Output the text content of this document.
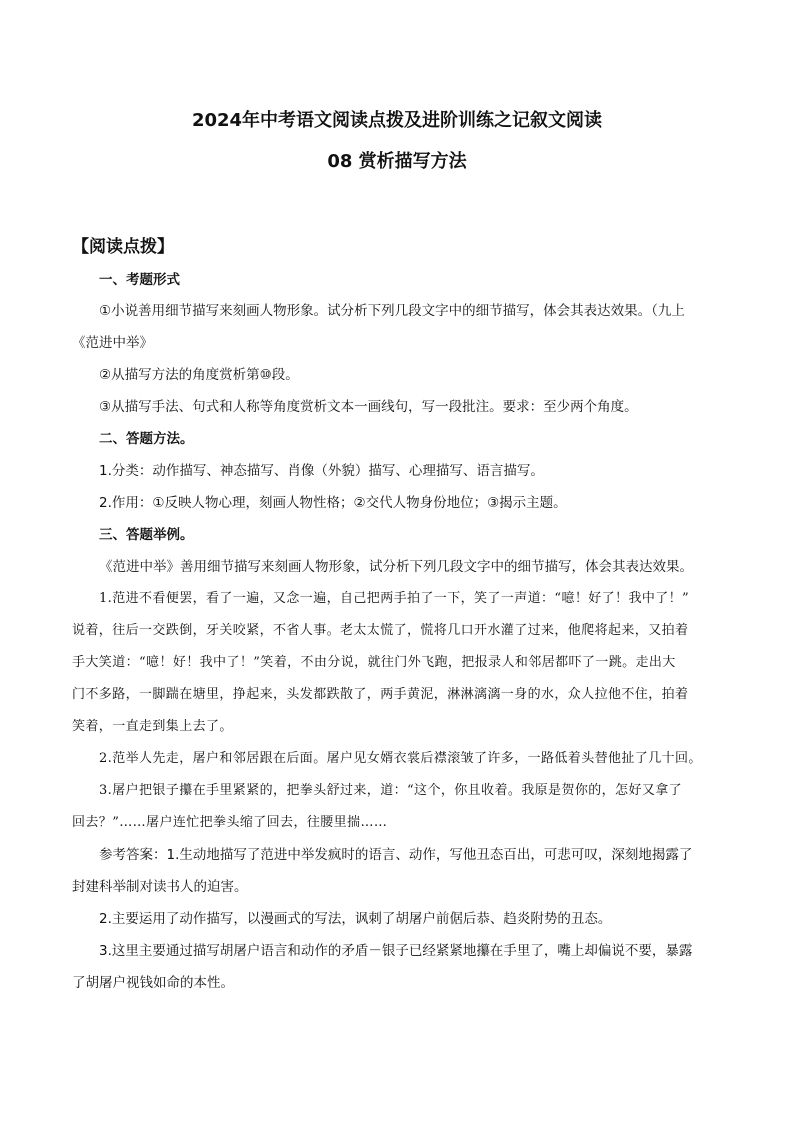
2024年中考语文阅读点拨及进阶训练之记叙文阅读
08 赏析描写方法
【阅读点拨】
一、考题形式
①小说善用细节描写来刻画人物形象。试分析下列几段文字中的细节描写，体会其表达效果。（九上
《范进中举》
②从描写方法的角度赏析第⑩段。
③从描写手法、句式和人称等角度赏析文本一画线句，写一段批注。要求：至少两个角度。
二、答题方法。
1.分类：动作描写、神态描写、肖像（外貌）描写、心理描写、语言描写。
2.作用：①反映人物心理，刻画人物性格；②交代人物身份地位；③揭示主题。
三、答题举例。
《范进中举》善用细节描写来刻画人物形象，试分析下列几段文字中的细节描写，体会其表达效果。
1.范进不看便罢，看了一遍，又念一遍，自己把两手拍了一下，笑了一声道：“噫！好了！我中了！”
说着，往后一交跌倒，牙关咬紧，不省人事。老太太慌了，慌将几口开水灌了过来，他爬将起来，又拍着
手大笑道：“噫！好！我中了！”笑着，不由分说，就往门外飞跑，把报录人和邻居都吓了一跳。走出大
门不多路，一脚踹在塘里，挣起来，头发都跌散了，两手黄泥，淋淋漓漓一身的水，众人拉他不住，拍着
笑着，一直走到集上去了。
2.范举人先走，屠户和邻居跟在后面。屠户见女婿衣裳后襟滚皱了许多，一路低着头替他扯了几十回。
3.屠户把银子攥在手里紧紧的，把拳头舒过来，道：“这个，你且收着。我原是贺你的，怎好又拿了
回去？”……屠户连忙把拳头缩了回去，往腰里揣……
参考答案：1.生动地描写了范进中举发疯时的语言、动作，写他丑态百出，可悲可叹，深刻地揭露了
封建科举制对读书人的迫害。
2.主要运用了动作描写，以漫画式的写法，讽刺了胡屠户前倨后恭、趋炎附势的丑态。
3.这里主要通过描写胡屠户语言和动作的矛盾－银子已经紧紧地攥在手里了，嘴上却偏说不要，暴露
了胡屠户视钱如命的本性。
